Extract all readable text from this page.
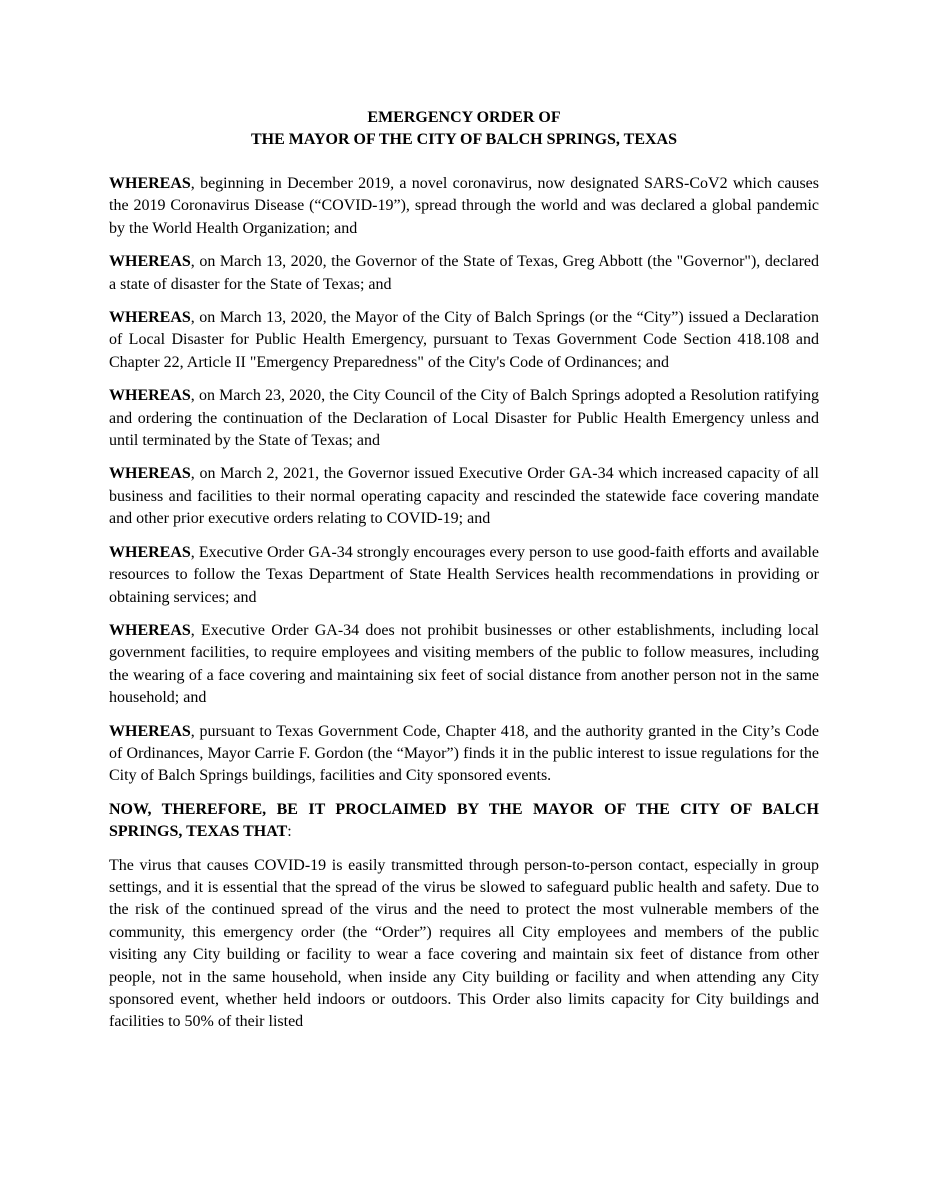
EMERGENCY ORDER OF
THE MAYOR OF THE CITY OF BALCH SPRINGS, TEXAS

WHEREAS, beginning in December 2019, a novel coronavirus, now designated SARS-CoV2 which causes the 2019 Coronavirus Disease (“COVID-19”), spread through the world and was declared a global pandemic by the World Health Organization; and

WHEREAS, on March 13, 2020, the Governor of the State of Texas, Greg Abbott (the "Governor"), declared a state of disaster for the State of Texas; and

WHEREAS, on March 13, 2020, the Mayor of the City of Balch Springs (or the “City”) issued a Declaration of Local Disaster for Public Health Emergency, pursuant to Texas Government Code Section 418.108 and Chapter 22, Article II "Emergency Preparedness" of the City's Code of Ordinances; and

WHEREAS, on March 23, 2020, the City Council of the City of Balch Springs adopted a Resolution ratifying and ordering the continuation of the Declaration of Local Disaster for Public Health Emergency unless and until terminated by the State of Texas; and

WHEREAS, on March 2, 2021, the Governor issued Executive Order GA-34 which increased capacity of all business and facilities to their normal operating capacity and rescinded the statewide face covering mandate and other prior executive orders relating to COVID-19; and

WHEREAS, Executive Order GA-34 strongly encourages every person to use good-faith efforts and available resources to follow the Texas Department of State Health Services health recommendations in providing or obtaining services; and

WHEREAS, Executive Order GA-34 does not prohibit businesses or other establishments, including local government facilities, to require employees and visiting members of the public to follow measures, including the wearing of a face covering and maintaining six feet of social distance from another person not in the same household; and

WHEREAS, pursuant to Texas Government Code, Chapter 418, and the authority granted in the City’s Code of Ordinances, Mayor Carrie F. Gordon (the “Mayor”) finds it in the public interest to issue regulations for the City of Balch Springs buildings, facilities and City sponsored events.

NOW, THEREFORE, BE IT PROCLAIMED BY THE MAYOR OF THE CITY OF BALCH SPRINGS, TEXAS THAT:

The virus that causes COVID-19 is easily transmitted through person-to-person contact, especially in group settings, and it is essential that the spread of the virus be slowed to safeguard public health and safety. Due to the risk of the continued spread of the virus and the need to protect the most vulnerable members of the community, this emergency order (the “Order”) requires all City employees and members of the public visiting any City building or facility to wear a face covering and maintain six feet of distance from other people, not in the same household, when inside any City building or facility and when attending any City sponsored event, whether held indoors or outdoors. This Order also limits capacity for City buildings and facilities to 50% of their listed
